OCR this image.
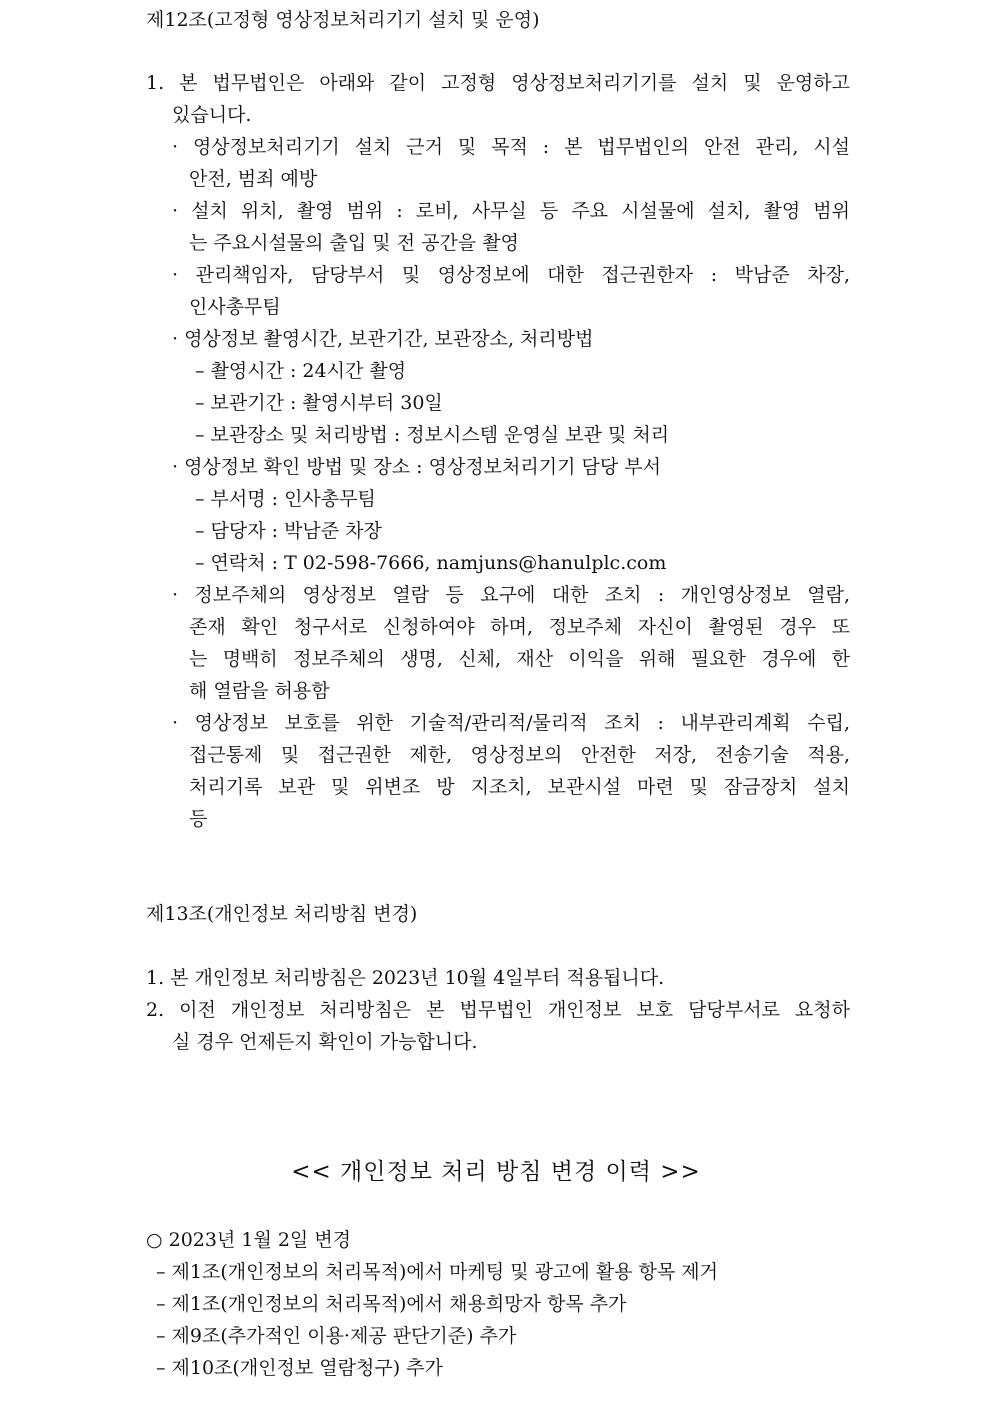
제12조(고정형 영상정보처리기기 설치 및 운영)
1. 본 법무법인은 아래와 같이 고정형 영상정보처리기기를 설치 및 운영하고
있습니다.
· 영상정보처리기기 설치 근거 및 목적 : 본 법무법인의 안전 관리, 시설
안전, 범죄 예방
· 설치 위치, 촬영 범위 : 로비, 사무실 등 주요 시설물에 설치, 촬영 범위
는 주요시설물의 출입 및 전 공간을 촬영
· 관리책임자, 담당부서 및 영상정보에 대한 접근권한자 : 박남준 차장,
인사총무팀
· 영상정보 촬영시간, 보관기간, 보관장소, 처리방법
– 촬영시간 : 24시간 촬영
– 보관기간 : 촬영시부터 30일
– 보관장소 및 처리방법 : 정보시스템 운영실 보관 및 처리
· 영상정보 확인 방법 및 장소 : 영상정보처리기기 담당 부서
– 부서명 : 인사총무팀
– 담당자 : 박남준 차장
– 연락처 : T 02-598-7666, namjuns@hanulplc.com
· 정보주체의 영상정보 열람 등 요구에 대한 조치 : 개인영상정보 열람,
존재 확인 청구서로 신청하여야 하며, 정보주체 자신이 촬영된 경우 또
는 명백히 정보주체의 생명, 신체, 재산 이익을 위해 필요한 경우에 한
해 열람을 허용함
· 영상정보 보호를 위한 기술적/관리적/물리적 조치 : 내부관리계획 수립,
접근통제 및 접근권한 제한, 영상정보의 안전한 저장, 전송기술 적용,
처리기록 보관 및 위변조 방 지조치, 보관시설 마련 및 잠금장치 설치
등
제13조(개인정보 처리방침 변경)
1. 본 개인정보 처리방침은 2023년 10월 4일부터 적용됩니다.
2. 이전 개인정보 처리방침은 본 법무법인 개인정보 보호 담당부서로 요청하
실 경우 언제든지 확인이 가능합니다.
<< 개인정보 처리 방침 변경 이력 >>
○ 2023년 1월 2일 변경
– 제1조(개인정보의 처리목적)에서 마케팅 및 광고에 활용 항목 제거
– 제1조(개인정보의 처리목적)에서 채용희망자 항목 추가
– 제9조(추가적인 이용·제공 판단기준) 추가
– 제10조(개인정보 열람청구) 추가
